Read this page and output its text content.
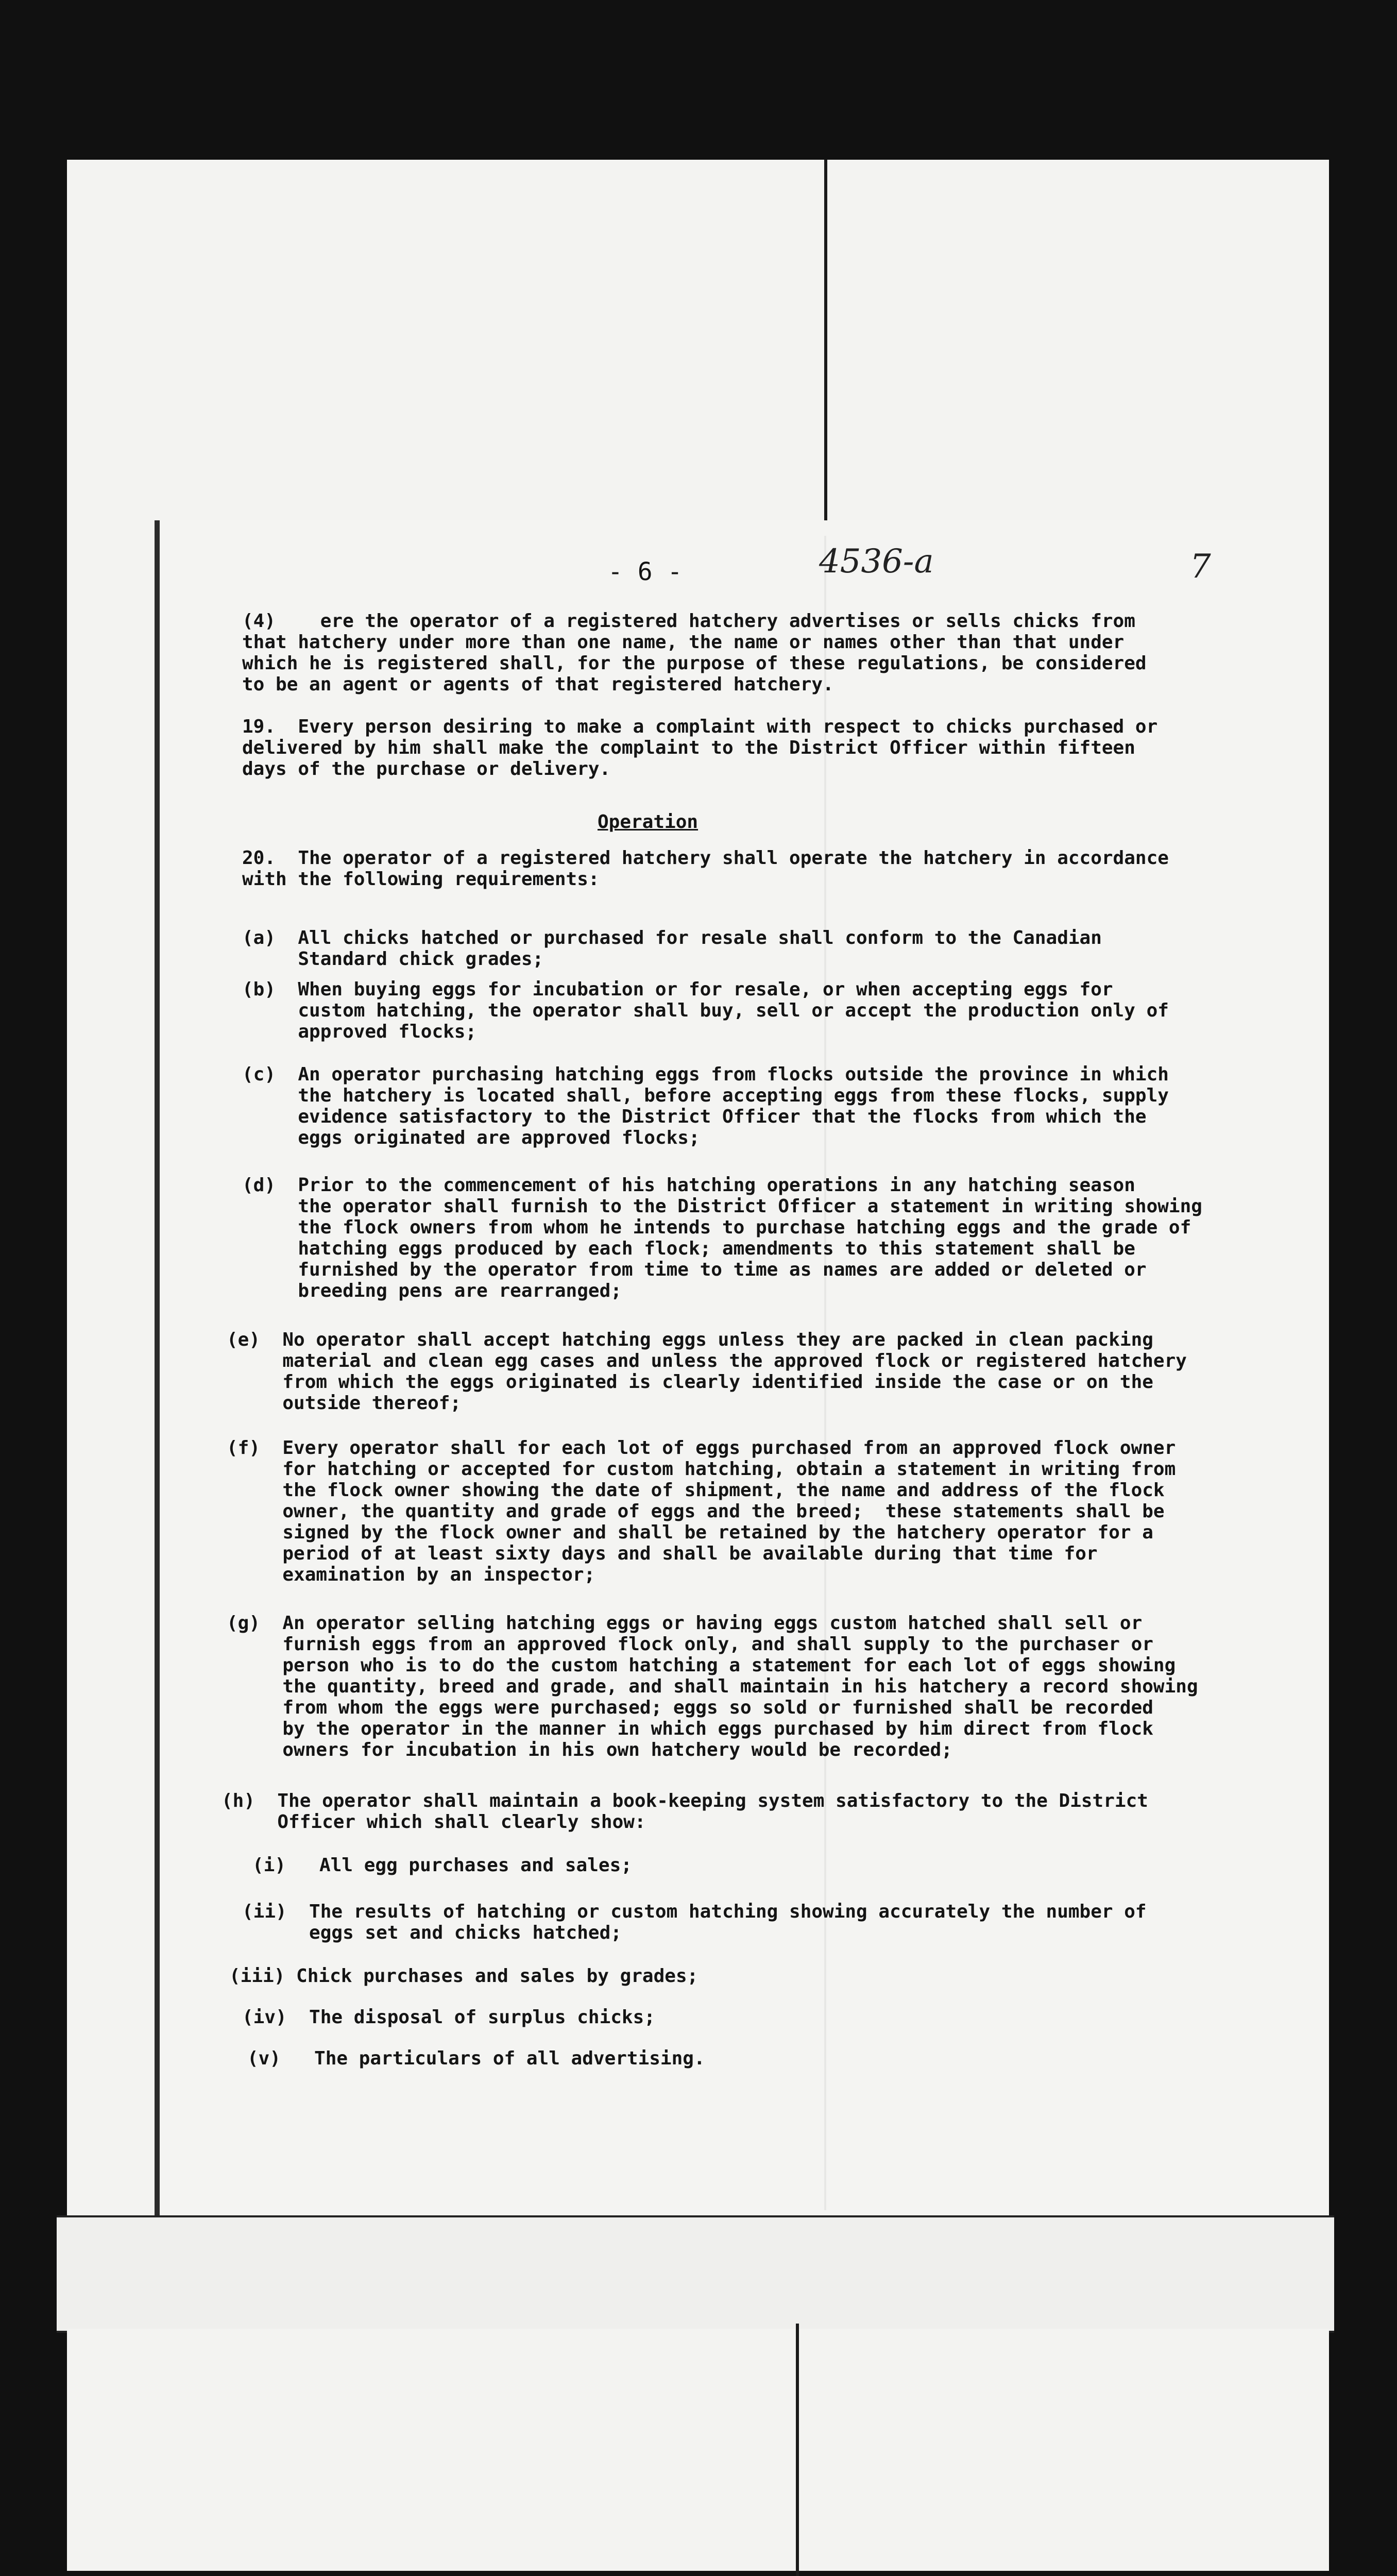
- 6 -	4536-a	7
(4)    ere the operator of a registered hatchery advertises or sells chicks from
that hatchery under more than one name, the name or names other than that under
which he is registered shall, for the purpose of these regulations, be considered
to be an agent or agents of that registered hatchery.
19.  Every person desiring to make a complaint with respect to chicks purchased or
delivered by him shall make the complaint to the District Officer within fifteen
days of the purchase or delivery.
Operation
20.  The operator of a registered hatchery shall operate the hatchery in accordance
with the following requirements:
(a)  All chicks hatched or purchased for resale shall conform to the Canadian
Standard chick grades;
(b)  When buying eggs for incubation or for resale, or when accepting eggs for
custom hatching, the operator shall buy, sell or accept the production only of
approved flocks;
(c)  An operator purchasing hatching eggs from flocks outside the province in which
the hatchery is located shall, before accepting eggs from these flocks, supply
evidence satisfactory to the District Officer that the flocks from which the
eggs originated are approved flocks;
(d)  Prior to the commencement of his hatching operations in any hatching season
the operator shall furnish to the District Officer a statement in writing showing
the flock owners from whom he intends to purchase hatching eggs and the grade of
hatching eggs produced by each flock; amendments to this statement shall be
furnished by the operator from time to time as names are added or deleted or
breeding pens are rearranged;
(e)  No operator shall accept hatching eggs unless they are packed in clean packing
material and clean egg cases and unless the approved flock or registered hatchery
from which the eggs originated is clearly identified inside the case or on the
outside thereof;
(f)  Every operator shall for each lot of eggs purchased from an approved flock owner
for hatching or accepted for custom hatching, obtain a statement in writing from
the flock owner showing the date of shipment, the name and address of the flock
owner, the quantity and grade of eggs and the breed;  these statements shall be
signed by the flock owner and shall be retained by the hatchery operator for a
period of at least sixty days and shall be available during that time for
examination by an inspector;
(g)  An operator selling hatching eggs or having eggs custom hatched shall sell or
furnish eggs from an approved flock only, and shall supply to the purchaser or
person who is to do the custom hatching a statement for each lot of eggs showing
the quantity, breed and grade, and shall maintain in his hatchery a record showing
from whom the eggs were purchased; eggs so sold or furnished shall be recorded
by the operator in the manner in which eggs purchased by him direct from flock
owners for incubation in his own hatchery would be recorded;
(h)  The operator shall maintain a book-keeping system satisfactory to the District
Officer which shall clearly show:
(i)   All egg purchases and sales;
(ii)  The results of hatching or custom hatching showing accurately the number of
eggs set and chicks hatched;
(iii) Chick purchases and sales by grades;
(iv)  The disposal of surplus chicks;
(v)   The particulars of all advertising.
